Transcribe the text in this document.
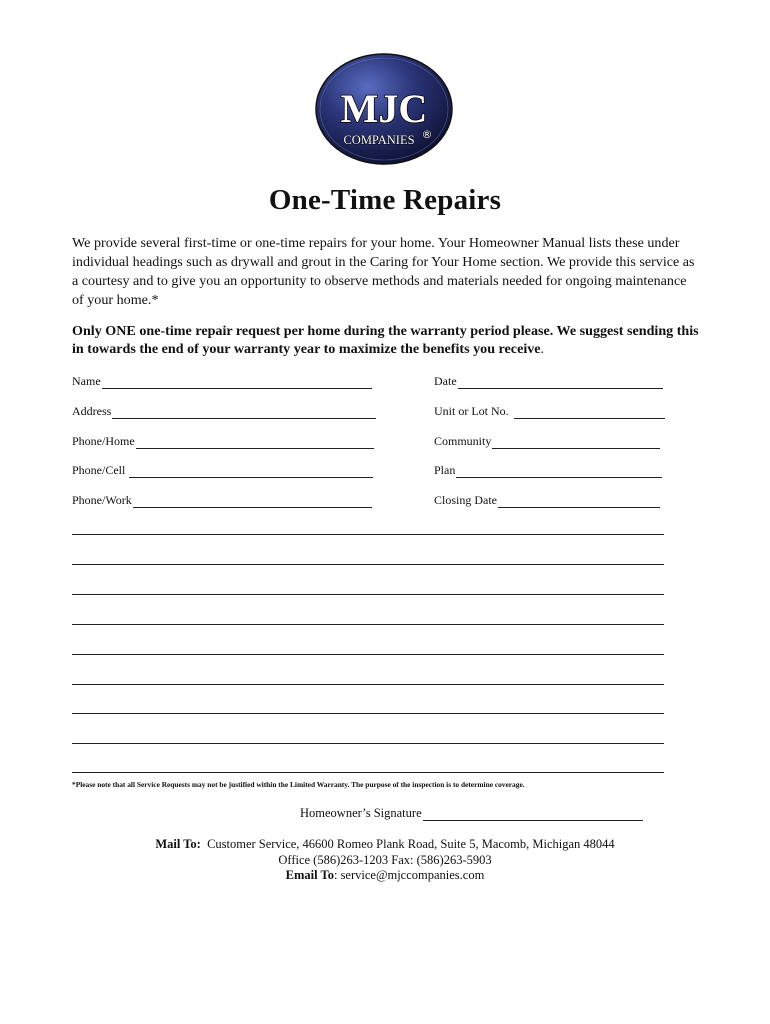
MJC
COMPANIES ®
One-Time Repairs
We provide several first-time or one-time repairs for your home. Your Homeowner Manual lists these under individual headings such as drywall and grout in the Caring for Your Home section. We provide this service as a courtesy and to give you an opportunity to observe methods and materials needed for ongoing maintenance of your home.*
Only ONE one-time repair request per home during the warranty period please. We suggest sending this in towards the end of your warranty year to maximize the benefits you receive.
Name
Address
Phone/Home
Phone/Cell
Phone/Work
Date
Unit or Lot No.
Community
Plan
Closing Date
*Please note that all Service Requests may not be justified within the Limited Warranty. The purpose of the inspection is to determine coverage.
Homeowner’s Signature
Mail To: Customer Service, 46600 Romeo Plank Road, Suite 5, Macomb, Michigan 48044
Office (586)263-1203 Fax: (586)263-5903
Email To: service@mjccompanies.com
